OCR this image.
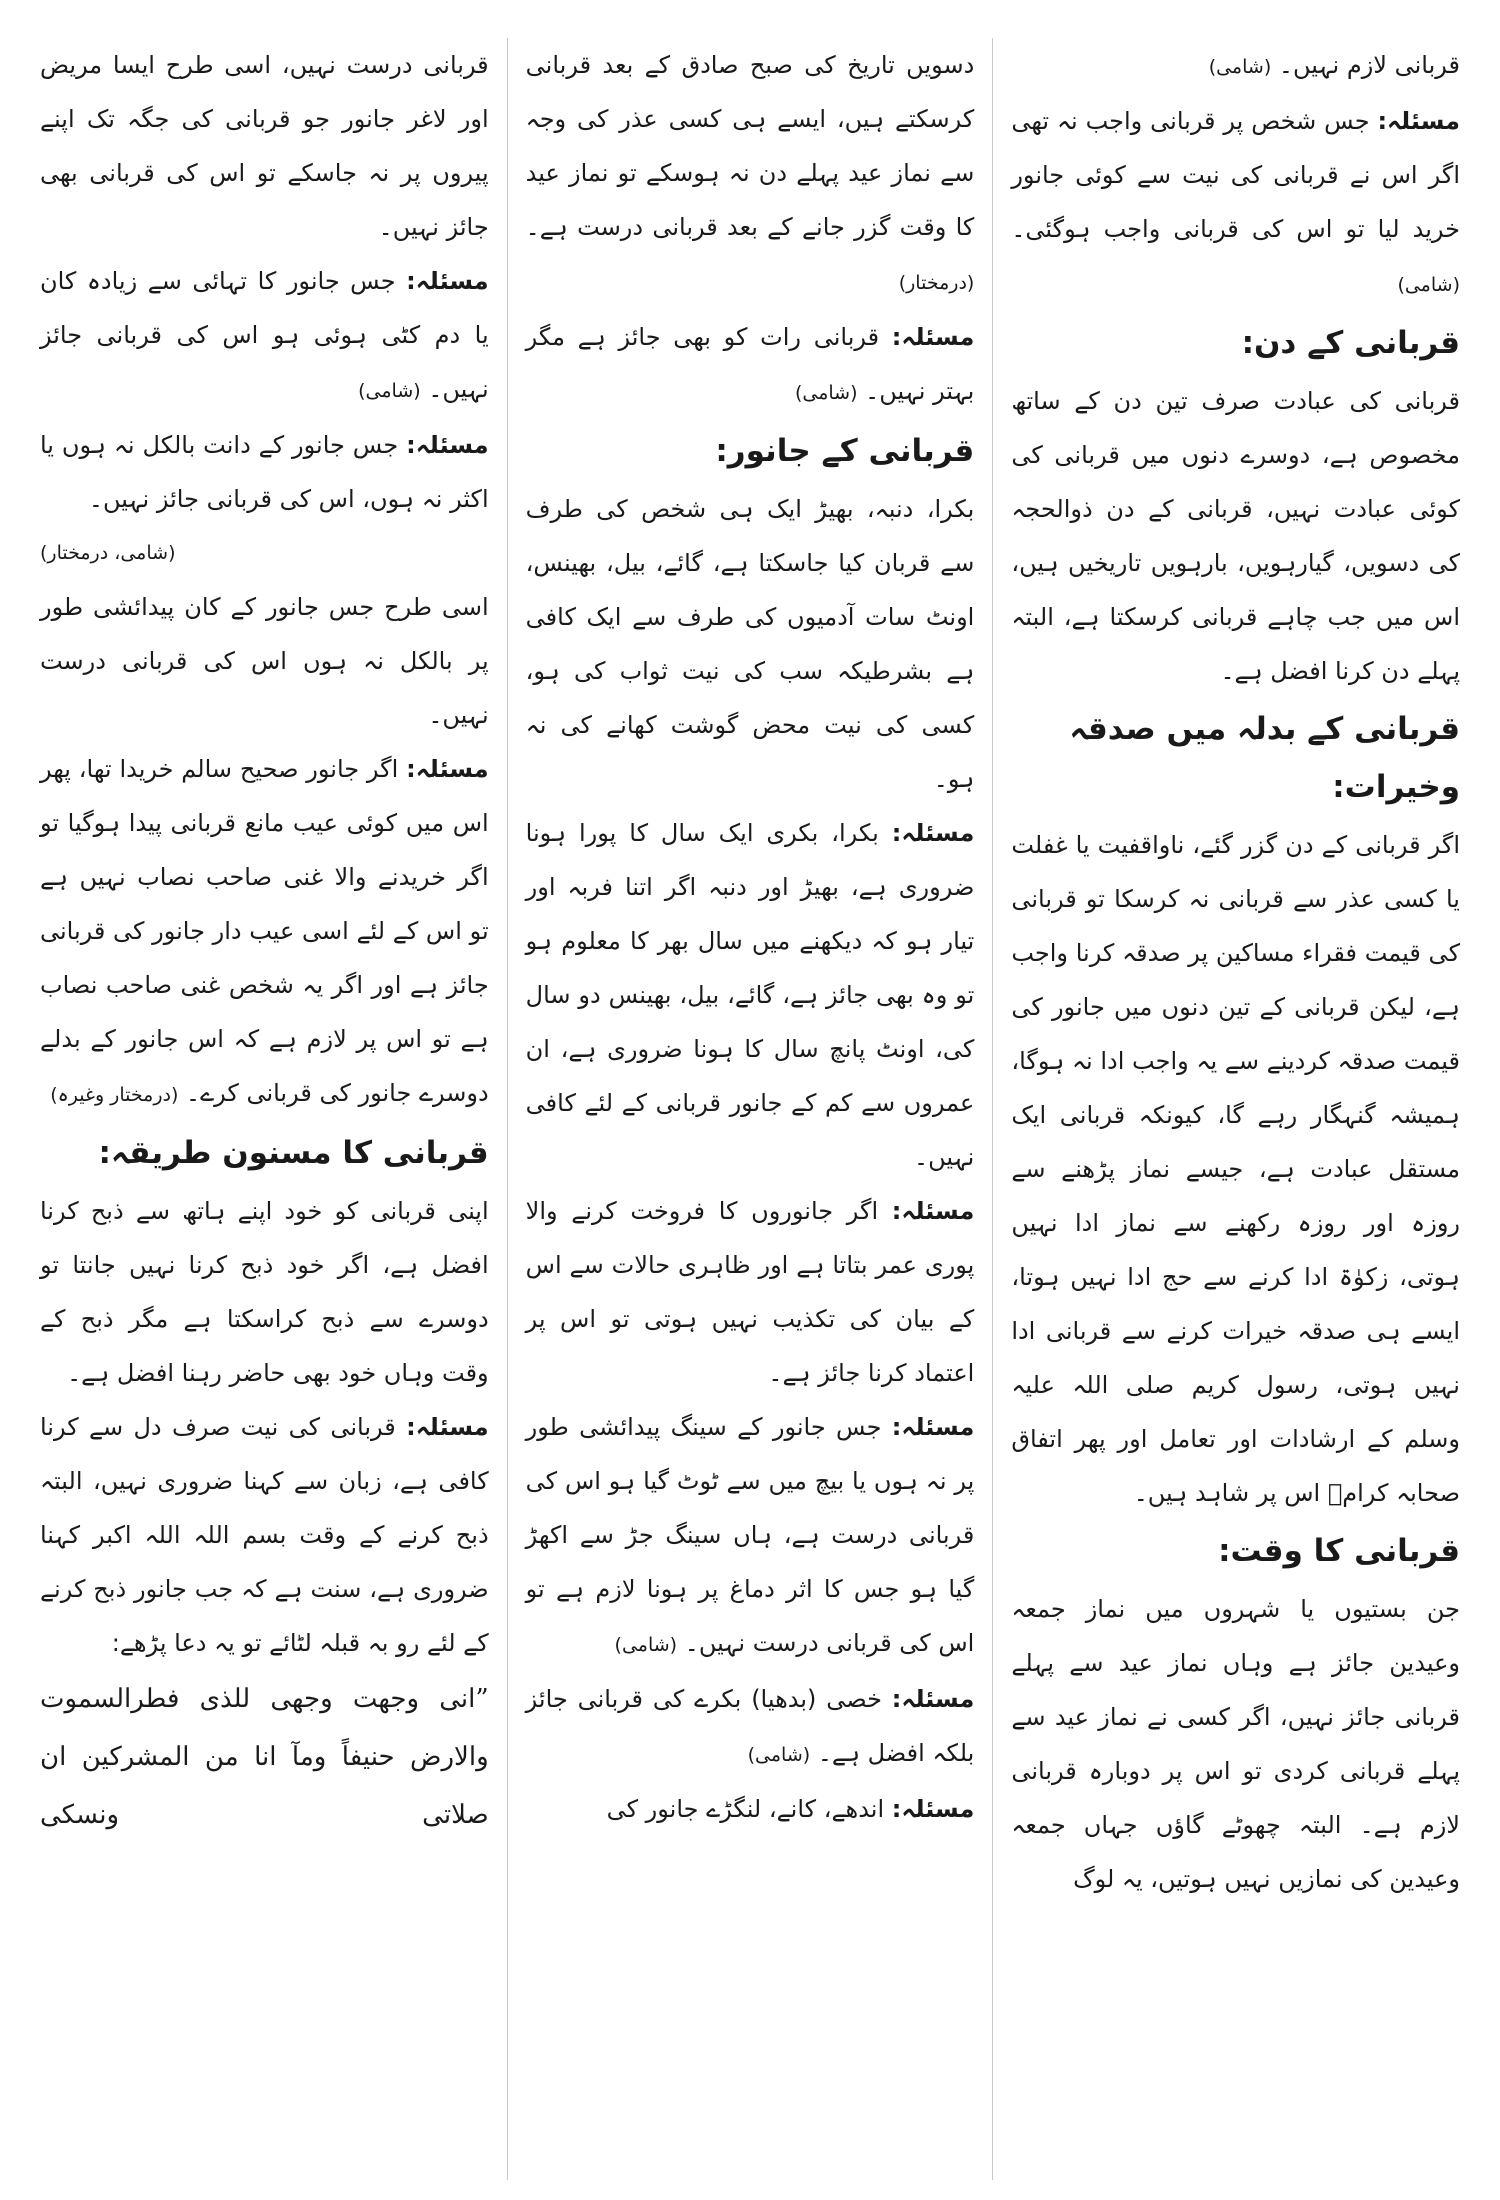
قربانی لازم نہیں۔ (شامی)

مسئلہ: جس شخص پر قربانی واجب نہ تھی اگر اس نے قربانی کی نیت سے کوئی جانور خرید لیا تو اس کی قربانی واجب ہوگئی۔ (شامی)

قربانی کے دن:

قربانی کی عبادت صرف تین دن کے ساتھ مخصوص ہے، دوسرے دنوں میں قربانی کی کوئی عبادت نہیں، قربانی کے دن ذوالحجہ کی دسویں، گیارہویں، بارہویں تاریخیں ہیں، اس میں جب چاہے قربانی کرسکتا ہے، البتہ پہلے دن کرنا افضل ہے۔

قربانی کے بدلہ میں صدقہ وخیرات:

اگر قربانی کے دن گزر گئے، ناواقفیت یا غفلت یا کسی عذر سے قربانی نہ کرسکا تو قربانی کی قیمت فقراء مساکین پر صدقہ کرنا واجب ہے، لیکن قربانی کے تین دنوں میں جانور کی قیمت صدقہ کردینے سے یہ واجب ادا نہ ہوگا، ہمیشہ گنہگار رہے گا، کیونکہ قربانی ایک مستقل عبادت ہے، جیسے نماز پڑھنے سے روزہ اور روزہ رکھنے سے نماز ادا نہیں ہوتی، زکوٰۃ ادا کرنے سے حج ادا نہیں ہوتا، ایسے ہی صدقہ خیرات کرنے سے قربانی ادا نہیں ہوتی، رسول کریم صلی اللہ علیہ وسلم کے ارشادات اور تعامل اور پھر اتفاق صحابہ کرامؓ اس پر شاہد ہیں۔

قربانی کا وقت:

جن بستیوں یا شہروں میں نماز جمعہ وعیدین جائز ہے وہاں نماز عید سے پہلے قربانی جائز نہیں، اگر کسی نے نماز عید سے پہلے قربانی کردی تو اس پر دوبارہ قربانی لازم ہے۔ البتہ چھوٹے گاؤں جہاں جمعہ وعیدین کی نمازیں نہیں ہوتیں، یہ لوگ

دسویں تاریخ کی صبح صادق کے بعد قربانی کرسکتے ہیں، ایسے ہی کسی عذر کی وجہ سے نماز عید پہلے دن نہ ہوسکے تو نماز عید کا وقت گزر جانے کے بعد قربانی درست ہے۔ (درمختار)

مسئلہ: قربانی رات کو بھی جائز ہے مگر بہتر نہیں۔ (شامی)

قربانی کے جانور:

بکرا، دنبہ، بھیڑ ایک ہی شخص کی طرف سے قربان کیا جاسکتا ہے، گائے، بیل، بھینس، اونٹ سات آدمیوں کی طرف سے ایک کافی ہے بشرطیکہ سب کی نیت ثواب کی ہو، کسی کی نیت محض گوشت کھانے کی نہ ہو۔

مسئلہ: بکرا، بکری ایک سال کا پورا ہونا ضروری ہے، بھیڑ اور دنبہ اگر اتنا فربہ اور تیار ہو کہ دیکھنے میں سال بھر کا معلوم ہو تو وہ بھی جائز ہے، گائے، بیل، بھینس دو سال کی، اونٹ پانچ سال کا ہونا ضروری ہے، ان عمروں سے کم کے جانور قربانی کے لئے کافی نہیں۔

مسئلہ: اگر جانوروں کا فروخت کرنے والا پوری عمر بتاتا ہے اور ظاہری حالات سے اس کے بیان کی تکذیب نہیں ہوتی تو اس پر اعتماد کرنا جائز ہے۔

مسئلہ: جس جانور کے سینگ پیدائشی طور پر نہ ہوں یا بیچ میں سے ٹوٹ گیا ہو اس کی قربانی درست ہے، ہاں سینگ جڑ سے اکھڑ گیا ہو جس کا اثر دماغ پر ہونا لازم ہے تو اس کی قربانی درست نہیں۔ (شامی)

مسئلہ: خصی (بدھیا) بکرے کی قربانی جائز بلکہ افضل ہے۔ (شامی)

مسئلہ: اندھے، کانے، لنگڑے جانور کی

قربانی درست نہیں، اسی طرح ایسا مریض اور لاغر جانور جو قربانی کی جگہ تک اپنے پیروں پر نہ جاسکے تو اس کی قربانی بھی جائز نہیں۔

مسئلہ: جس جانور کا تہائی سے زیادہ کان یا دم کٹی ہوئی ہو اس کی قربانی جائز نہیں۔ (شامی)

مسئلہ: جس جانور کے دانت بالکل نہ ہوں یا اکثر نہ ہوں، اس کی قربانی جائز نہیں۔

(شامی، درمختار)

اسی طرح جس جانور کے کان پیدائشی طور پر بالکل نہ ہوں اس کی قربانی درست نہیں۔

مسئلہ: اگر جانور صحیح سالم خریدا تھا، پھر اس میں کوئی عیب مانع قربانی پیدا ہوگیا تو اگر خریدنے والا غنی صاحب نصاب نہیں ہے تو اس کے لئے اسی عیب دار جانور کی قربانی جائز ہے اور اگر یہ شخص غنی صاحب نصاب ہے تو اس پر لازم ہے کہ اس جانور کے بدلے دوسرے جانور کی قربانی کرے۔ (درمختار وغیرہ)

قربانی کا مسنون طریقہ:

اپنی قربانی کو خود اپنے ہاتھ سے ذبح کرنا افضل ہے، اگر خود ذبح کرنا نہیں جانتا تو دوسرے سے ذبح کراسکتا ہے مگر ذبح کے وقت وہاں خود بھی حاضر رہنا افضل ہے۔

مسئلہ: قربانی کی نیت صرف دل سے کرنا کافی ہے، زبان سے کہنا ضروری نہیں، البتہ ذبح کرنے کے وقت بسم اللہ اللہ اکبر کہنا ضروری ہے، سنت ہے کہ جب جانور ذبح کرنے کے لئے رو بہ قبلہ لٹائے تو یہ دعا پڑھے:

”انی وجھت وجھی للذی فطرالسموت والارض حنیفاً ومآ انا من المشرکین ان صلاتی ونسکی
